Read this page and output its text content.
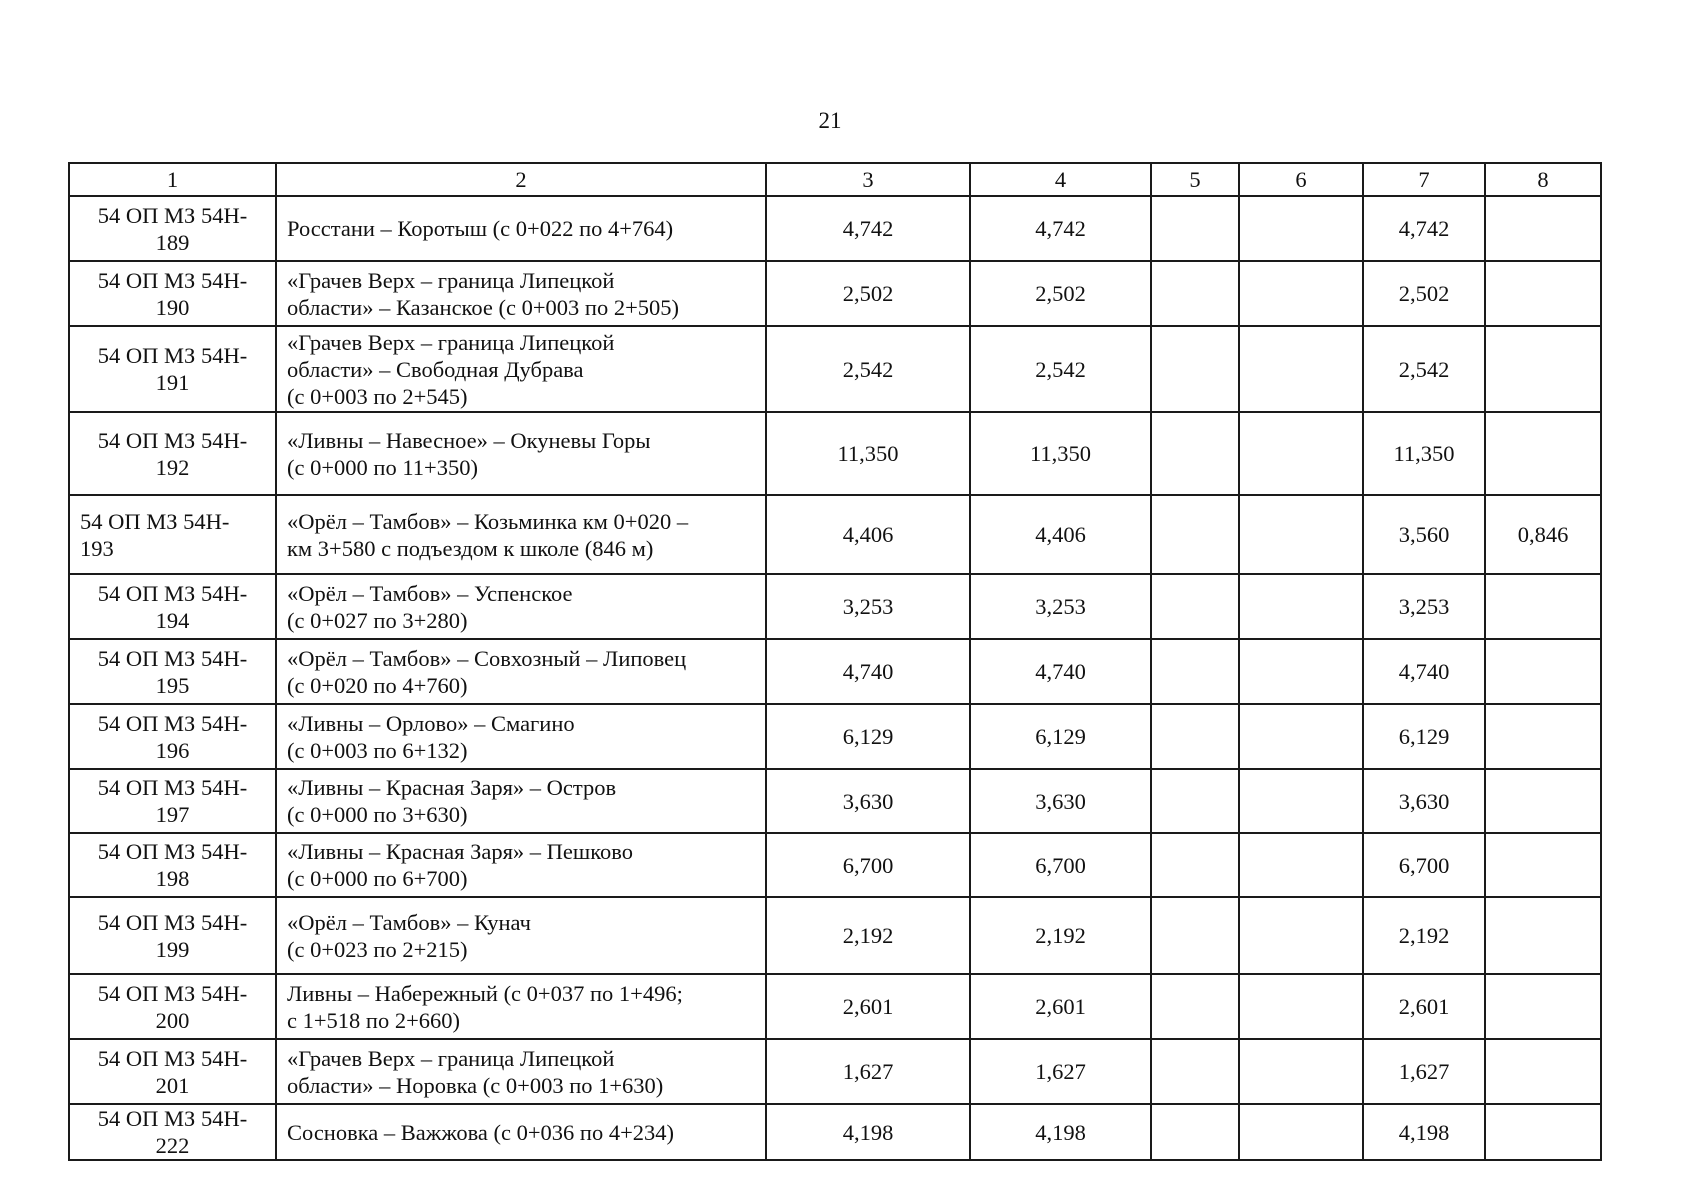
21
1	2	3	4	5	6	7	8

54 ОП МЗ 54Н-
189	Росстани – Коротыш (с 0+022 по 4+764)	4,742	4,742			4,742	

54 ОП МЗ 54Н-
190	«Грачев Верх – граница Липецкой
области» – Казанское (с 0+003 по 2+505)	2,502	2,502			2,502	

54 ОП МЗ 54Н-
191	«Грачев Верх – граница Липецкой
области» – Свободная Дубрава
(с 0+003 по 2+545)	2,542	2,542			2,542	

54 ОП МЗ 54Н-
192	«Ливны – Навесное» – Окуневы Горы
(с 0+000 по 11+350)	11,350	11,350			11,350	

54 ОП МЗ 54Н-
193	«Орёл – Тамбов» – Козьминка км 0+020 –
км 3+580 с подъездом к школе (846 м)	4,406	4,406			3,560	0,846

54 ОП МЗ 54Н-
194	«Орёл – Тамбов» – Успенское
(с 0+027 по 3+280)	3,253	3,253			3,253	

54 ОП МЗ 54Н-
195	«Орёл – Тамбов» – Совхозный – Липовец
(с 0+020 по 4+760)	4,740	4,740			4,740	

54 ОП МЗ 54Н-
196	«Ливны – Орлово» – Смагино
(с 0+003 по 6+132)	6,129	6,129			6,129	

54 ОП МЗ 54Н-
197	«Ливны – Красная Заря» – Остров
(с 0+000 по 3+630)	3,630	3,630			3,630	

54 ОП МЗ 54Н-
198	«Ливны – Красная Заря» – Пешково
(с 0+000 по 6+700)	6,700	6,700			6,700	

54 ОП МЗ 54Н-
199	«Орёл – Тамбов» – Кунач
(с 0+023 по 2+215)	2,192	2,192			2,192	

54 ОП МЗ 54Н-
200	Ливны – Набережный (с 0+037 по 1+496;
с 1+518 по 2+660)	2,601	2,601			2,601	

54 ОП МЗ 54Н-
201	«Грачев Верх – граница Липецкой
области» – Норовка (с 0+003 по 1+630)	1,627	1,627			1,627	

54 ОП МЗ 54Н-
222	Сосновка – Важжова (с 0+036 по 4+234)	4,198	4,198			4,198	
